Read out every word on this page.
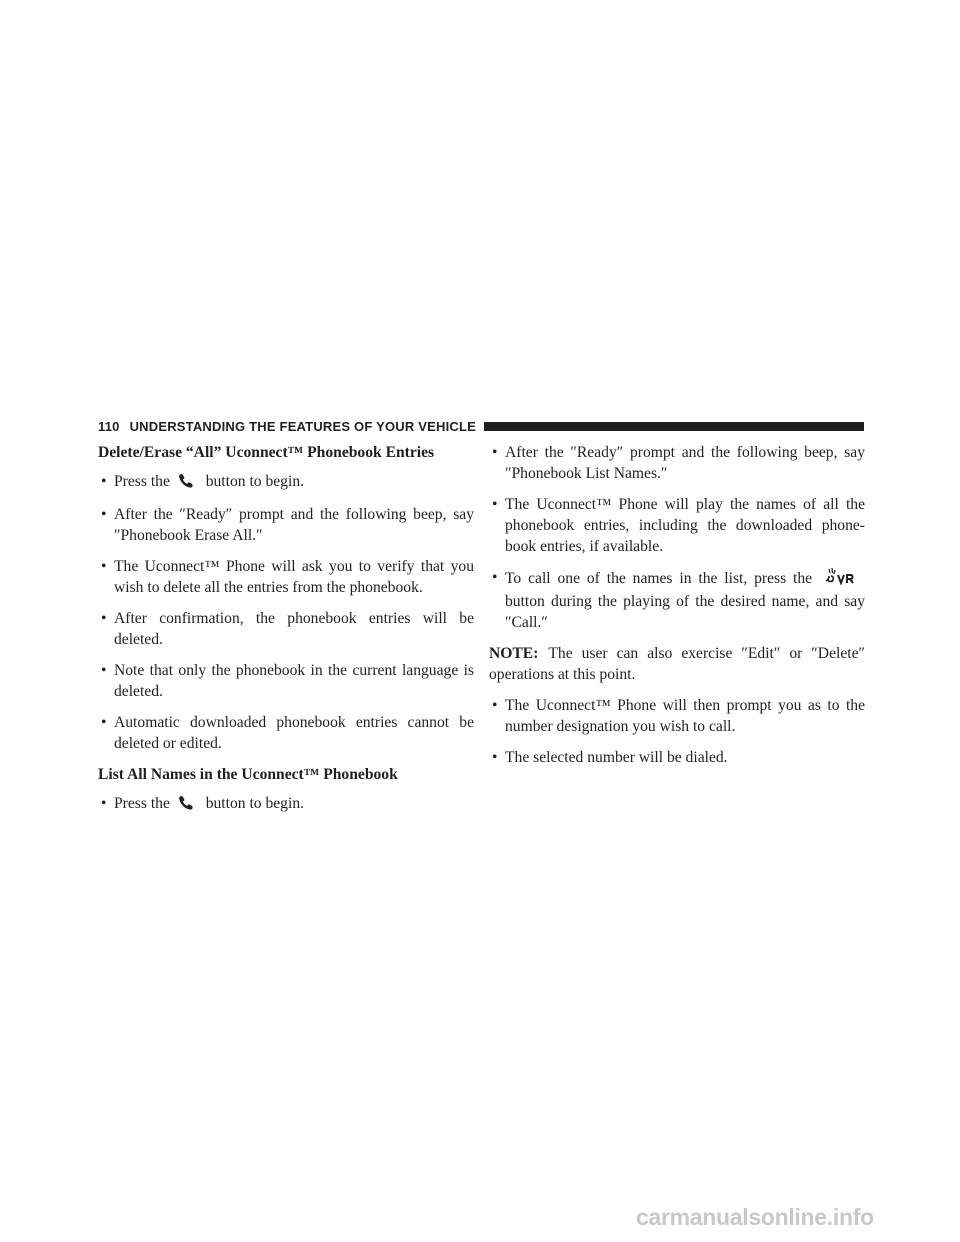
110 UNDERSTANDING THE FEATURES OF YOUR VEHICLE
Delete/Erase “All” Uconnect™ Phonebook Entries
• Press the button to begin.
• After the ″Ready″ prompt and the following beep, say ″Phonebook Erase All.″
• The Uconnect™ Phone will ask you to verify that you wish to delete all the entries from the phonebook.
• After confirmation, the phonebook entries will be deleted.
• Note that only the phonebook in the current language is deleted.
• Automatic downloaded phonebook entries cannot be deleted or edited.
List All Names in the Uconnect™ Phonebook
• Press the button to begin.
• After the ″Ready″ prompt and the following beep, say ″Phonebook List Names.″
• The Uconnect™ Phone will play the names of all the phonebook entries, including the downloaded phone-book entries, if available.
• To call one of the names in the list, press the  button during the playing of the desired name, and say ″Call.″

NOTE: The user can also exercise ″Edit″ or ″Delete″ operations at this point.

• The Uconnect™ Phone will then prompt you as to the number designation you wish to call.
• The selected number will be dialed.
carmanualsonline.info
